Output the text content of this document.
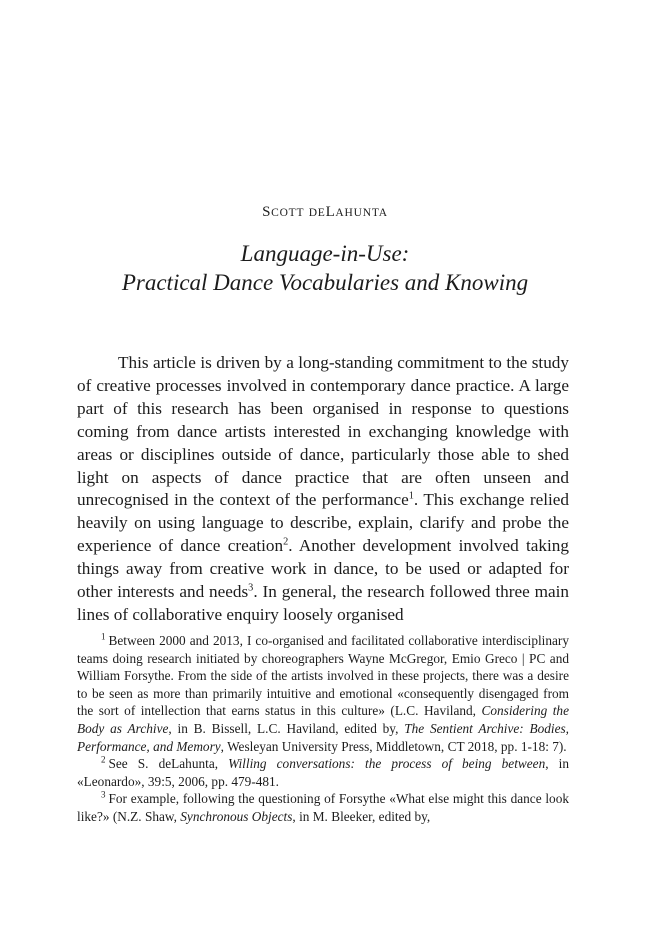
SCOTT DELAHUNTA
Language-in-Use:
Practical Dance Vocabularies and Knowing

This article is driven by a long-standing commitment to the study of creative processes involved in contemporary dance practice. A large part of this research has been organised in response to questions coming from dance artists interested in exchanging knowledge with areas or disciplines outside of dance, particularly those able to shed light on aspects of dance practice that are often unseen and unrecognised in the context of the performance$^1$. This exchange relied heavily on using language to describe, explain, clarify and probe the experience of dance creation$^2$. Another development involved taking things away from creative work in dance, to be used or adapted for other interests and needs$^3$. In general, the research followed three main lines of collaborative enquiry loosely organised

$^1$ Between 2000 and 2013, I co-organised and facilitated collaborative interdisciplinary teams doing research initiated by choreographers Wayne McGregor, Emio Greco | PC and William Forsythe. From the side of the artists involved in these projects, there was a desire to be seen as more than primarily intuitive and emotional «consequently disengaged from the sort of intellection that earns status in this culture» (L.C. Haviland, Considering the Body as Archive, in B. Bissell, L.C. Haviland, edited by, The Sentient Archive: Bodies, Performance, and Memory, Wesleyan University Press, Middletown, CT 2018, pp. 1-18: 7).

$^2$ See S. deLahunta, Willing conversations: the process of being between, in «Leonardo», 39:5, 2006, pp. 479-481.

$^3$ For example, following the questioning of Forsythe «What else might this dance look like?» (N.Z. Shaw, Synchronous Objects, in M. Bleeker, edited by,
